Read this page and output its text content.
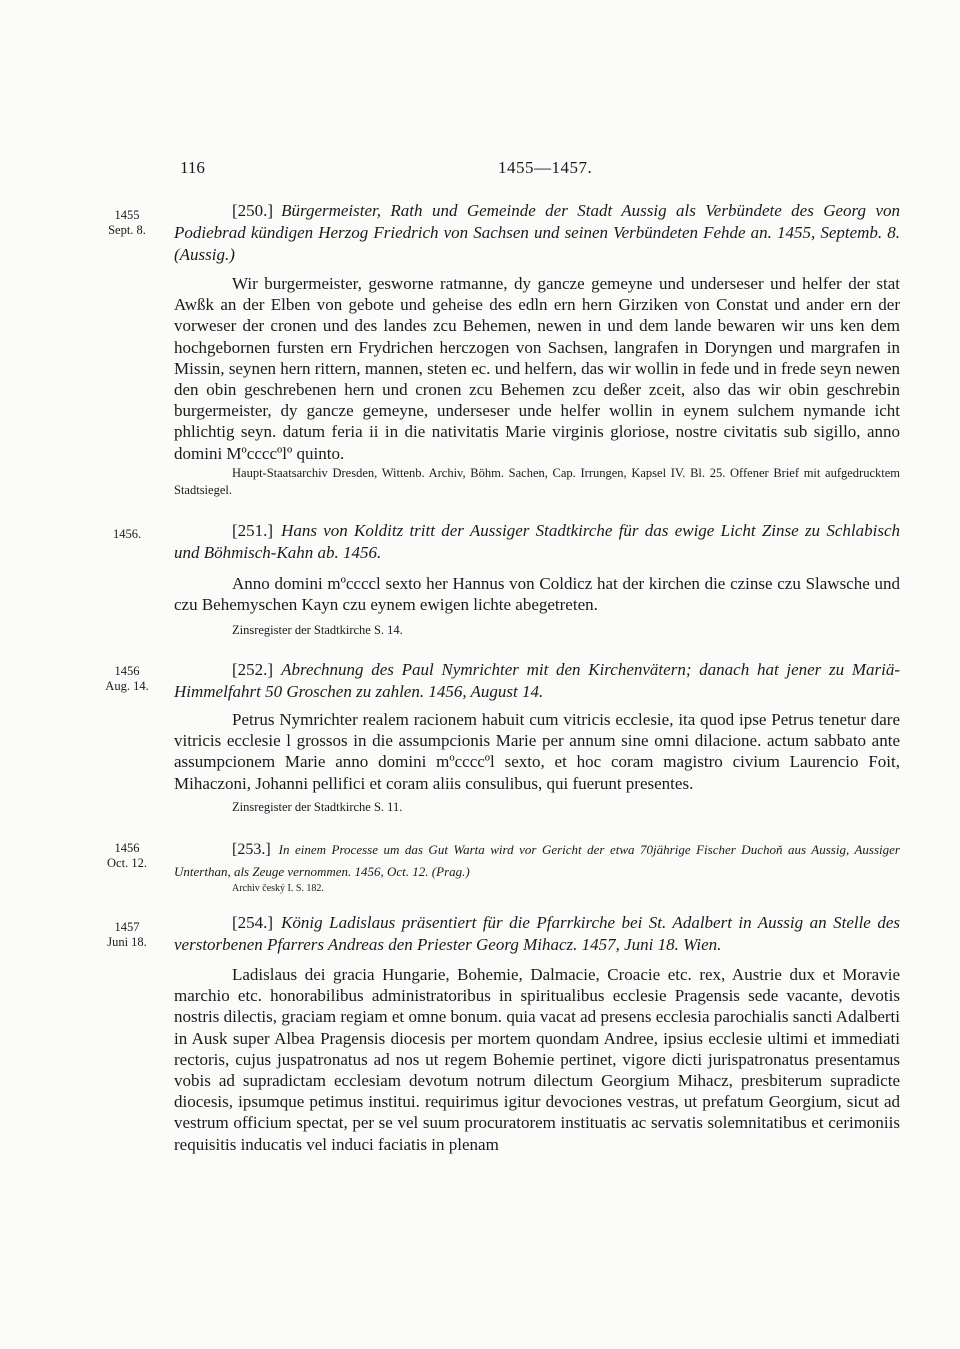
116	1455—1457.
1455
Sept. 8.
[250.] Bürgermeister, Rath und Gemeinde der Stadt Aussig als Verbündete des Georg von Podiebrad kündigen Herzog Friedrich von Sachsen und seinen Verbündeten Fehde an. 1455, Septemb. 8. (Aussig.)
Wir burgermeister, gesworne ratmanne, dy gancze gemeyne und underseser und helfer der stat Awßk an der Elben von gebote und geheise des edln ern hern Girziken von Constat und ander ern der vorweser der cronen und des landes zcu Behemen, newen in und dem lande bewaren wir uns ken dem hochgebornen fursten ern Frydrichen herczogen von Sachsen, langrafen in Doryngen und margrafen in Missin, seynen hern rittern, mannen, steten ec. und helfern, das wir wollin in fede und in frede seyn newen den obin geschrebenen hern und cronen zcu Behemen zcu deßer zceit, also das wir obin geschrebin burgermeister, dy gancze gemeyne, underseser unde helfer wollin in eynem sulchem nymande icht phlichtig seyn. datum feria ii in die nativitatis Marie virginis gloriose, nostre civitatis sub sigillo, anno domini Mºccccºlº quinto.
Haupt-Staatsarchiv Dresden, Wittenb. Archiv, Böhm. Sachen, Cap. Irrungen, Kapsel IV. Bl. 25. Offener Brief mit aufgedrucktem Stadtsiegel.
1456.	[251.] Hans von Kolditz tritt der Aussiger Stadtkirche für das ewige Licht Zinse zu Schlabisch und Böhmisch-Kahn ab. 1456.
Anno domini mºccccl sexto her Hannus von Coldicz hat der kirchen die czinse czu Slawsche und czu Behemyschen Kayn czu eynem ewigen lichte abegetreten.
Zinsregister der Stadtkirche S. 14.
1456
Aug. 14.
[252.] Abrechnung des Paul Nymrichter mit den Kirchenvätern; danach hat jener zu Mariä-Himmelfahrt 50 Groschen zu zahlen. 1456, August 14.
Petrus Nymrichter realem racionem habuit cum vitricis ecclesie, ita quod ipse Petrus tenetur dare vitricis ecclesie l grossos in die assumpcionis Marie per annum sine omni dilacione. actum sabbato ante assumpcionem Marie anno domini mºccccºl sexto, et hoc coram magistro civium Laurencio Foit, Mihaczoni, Johanni pellifici et coram aliis consulibus, qui fuerunt presentes.
Zinsregister der Stadtkirche S. 11.
1456
Oct. 12.
[253.] In einem Processe um das Gut Warta wird vor Gericht der etwa 70jährige Fischer Duchoň aus Aussig, Aussiger Unterthan, als Zeuge vernommen. 1456, Oct. 12. (Prag.)
Archiv český I. S. 182.
1457
Juni 18.
[254.] König Ladislaus präsentiert für die Pfarrkirche bei St. Adalbert in Aussig an Stelle des verstorbenen Pfarrers Andreas den Priester Georg Mihacz. 1457, Juni 18. Wien.
Ladislaus dei gracia Hungarie, Bohemie, Dalmacie, Croacie etc. rex, Austrie dux et Moravie marchio etc. honorabilibus administratoribus in spiritualibus ecclesie Pragensis sede vacante, devotis nostris dilectis, graciam regiam et omne bonum. quia vacat ad presens ecclesia parochialis sancti Adalberti in Ausk super Albea Pragensis diocesis per mortem quondam Andree, ipsius ecclesie ultimi et immediati rectoris, cujus juspatronatus ad nos ut regem Bohemie pertinet, vigore dicti jurispatronatus presentamus vobis ad supradictam ecclesiam devotum notrum dilectum Georgium Mihacz, presbiterum supradicte diocesis, ipsumque petimus institui. requirimus igitur devociones vestras, ut prefatum Georgium, sicut ad vestrum officium spectat, per se vel suum procuratorem instituatis ac servatis solemnitatibus et cerimoniis requisitis inducatis vel induci faciatis in plenam
